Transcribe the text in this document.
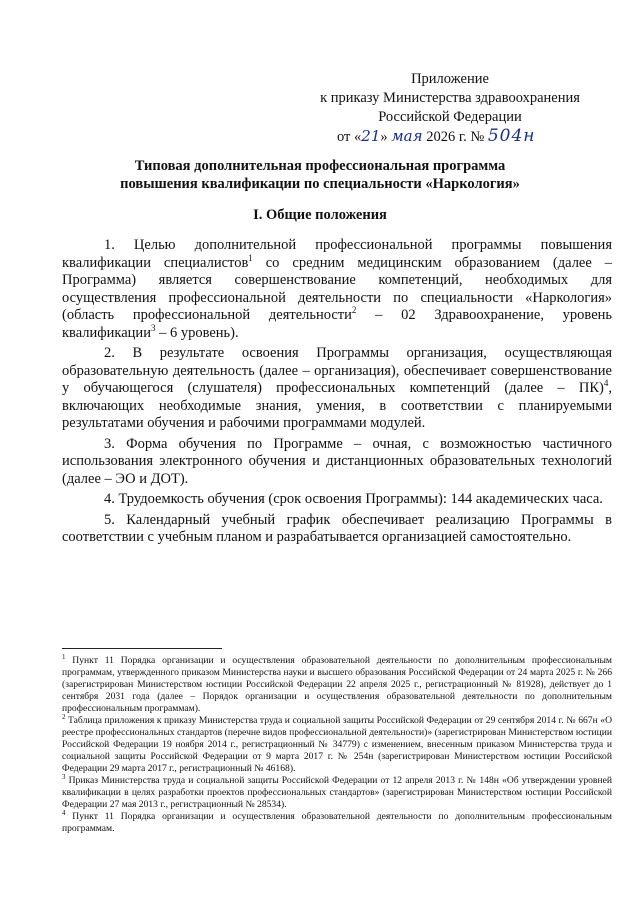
Приложение
к приказу Министерства здравоохранения
Российской Федерации
от «21» мая 2026 г. № 504н
Типовая дополнительная профессиональная программа
повышения квалификации по специальности «Наркология»
I. Общие положения

1. Целью дополнительной профессиональной программы повышения квалификации специалистов$^1$ со средним медицинским образованием (далее – Программа) является совершенствование компетенций, необходимых для осуществления профессиональной деятельности по специальности «Наркология» (область профессиональной деятельности$^2$ – 02 Здравоохранение, уровень квалификации$^3$ – 6 уровень).

2. В результате освоения Программы организация, осуществляющая образовательную деятельность (далее – организация), обеспечивает совершенствование у обучающегося (слушателя) профессиональных компетенций (далее – ПК)$^4$, включающих необходимые знания, умения, в соответствии с планируемыми результатами обучения и рабочими программами модулей.

3. Форма обучения по Программе – очная, с возможностью частичного использования электронного обучения и дистанционных образовательных технологий (далее – ЭО и ДОТ).

4. Трудоемкость обучения (срок освоения Программы): 144 академических часа.

5. Календарный учебный график обеспечивает реализацию Программы в соответствии с учебным планом и разрабатывается организацией самостоятельно.

$^1$ Пункт 11 Порядка организации и осуществления образовательной деятельности по дополнительным профессиональным программам, утвержденного приказом Министерства науки и высшего образования Российской Федерации от 24 марта 2025 г. № 266 (зарегистрирован Министерством юстиции Российской Федерации 22 апреля 2025 г., регистрационный № 81928), действует до 1 сентября 2031 года (далее – Порядок организации и осуществления образовательной деятельности по дополнительным профессиональным программам).

$^2$ Таблица приложения к приказу Министерства труда и социальной защиты Российской Федерации от 29 сентября 2014 г. № 667н «О реестре профессиональных стандартов (перечне видов профессиональной деятельности)» (зарегистрирован Министерством юстиции Российской Федерации 19 ноября 2014 г., регистрационный № 34779) с изменением, внесенным приказом Министерства труда и социальной защиты Российской Федерации от 9 марта 2017 г. № 254н (зарегистрирован Министерством юстиции Российской Федерации 29 марта 2017 г., регистрационный № 46168).

$^3$ Приказ Министерства труда и социальной защиты Российской Федерации от 12 апреля 2013 г. № 148н «Об утверждении уровней квалификации в целях разработки проектов профессиональных стандартов» (зарегистрирован Министерством юстиции Российской Федерации 27 мая 2013 г., регистрационный № 28534).

$^4$ Пункт 11 Порядка организации и осуществления образовательной деятельности по дополнительным профессиональным программам.
